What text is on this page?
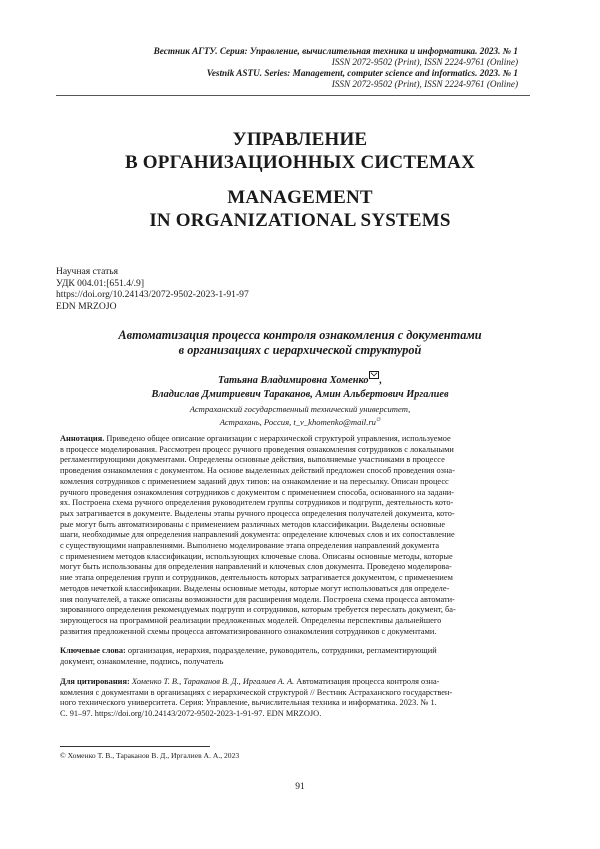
Вестник АГТУ. Серия: Управление, вычислительная техника и информатика. 2023. № 1
ISSN 2072-9502 (Print), ISSN 2224-9761 (Online)
Vestnik ASTU. Series: Management, computer science and informatics. 2023. № 1
ISSN 2072-9502 (Print), ISSN 2224-9761 (Online)
УПРАВЛЕНИЕ
В ОРГАНИЗАЦИОННЫХ СИСТЕМАХ
MANAGEMENT
IN ORGANIZATIONAL SYSTEMS
Научная статья
УДК 004.01:[651.4/.9]
https://doi.org/10.24143/2072-9502-2023-1-91-97
EDN MRZOJO
Автоматизация процесса контроля ознакомления с документами
в организациях с иерархической структурой
Татьяна Владимировна Хоменко ,
Владислав Дмитриевич Тараканов, Амин Альбертович Иргалиев
Астраханский государственный технический университет,
Астрахань, Россия, t_v_khomenko@mail.ru⧉
Аннотация. Приведено общее описание организации с иерархической структурой управления, используемое
в процессе моделирования. Рассмотрен процесс ручного проведения ознакомления сотрудников с локальными
регламентирующими документами. Определены основные действия, выполняемые участниками в процессе
проведения ознакомления с документом. На основе выделенных действий предложен способ проведения озна-
комления сотрудников с применением заданий двух типов: на ознакомление и на пересылку. Описан процесс
ручного проведения ознакомления сотрудников с документом с применением способа, основанного на задани-
ях. Построена схема ручного определения руководителем группы сотрудников и подгрупп, деятельность кото-
рых затрагивается в документе. Выделены этапы ручного процесса определения получателей документа, кото-
рые могут быть автоматизированы с применением различных методов классификации. Выделены основные
шаги, необходимые для определения направлений документа: определение ключевых слов и их сопоставление
с существующими направлениями. Выполнено моделирование этапа определения направлений документа
с применением методов классификации, использующих ключевые слова. Описаны основные методы, которые
могут быть использованы для определения направлений и ключевых слов документа. Проведено моделирова-
ние этапа определения групп и сотрудников, деятельность которых затрагивается документом, с применением
методов нечеткой классификации. Выделены основные методы, которые могут использоваться для определе-
ния получателей, а также описаны возможности для расширения модели. Построена схема процесса автомати-
зированного определения рекомендуемых подгрупп и сотрудников, которым требуется переслать документ, ба-
зирующегося на программной реализации предложенных моделей. Определены перспективы дальнейшего
развития предложенной схемы процесса автоматизированного ознакомления сотрудников с документами.
Ключевые слова: организация, иерархия, подразделение, руководитель, сотрудники, регламентирующий
документ, ознакомление, подпись, получатель
Для цитирования: Хоменко Т. В., Тараканов В. Д., Иргалиев А. А. Автоматизация процесса контроля озна-
комления с документами в организациях с иерархической структурой // Вестник Астраханского государствен-
ного технического университета. Серия: Управление, вычислительная техника и информатика. 2023. № 1.
С. 91–97. https://doi.org/10.24143/2072-9502-2023-1-91-97. EDN MRZOJO.
© Хоменко Т. В., Тараканов В. Д., Иргалиев А. А., 2023
91
